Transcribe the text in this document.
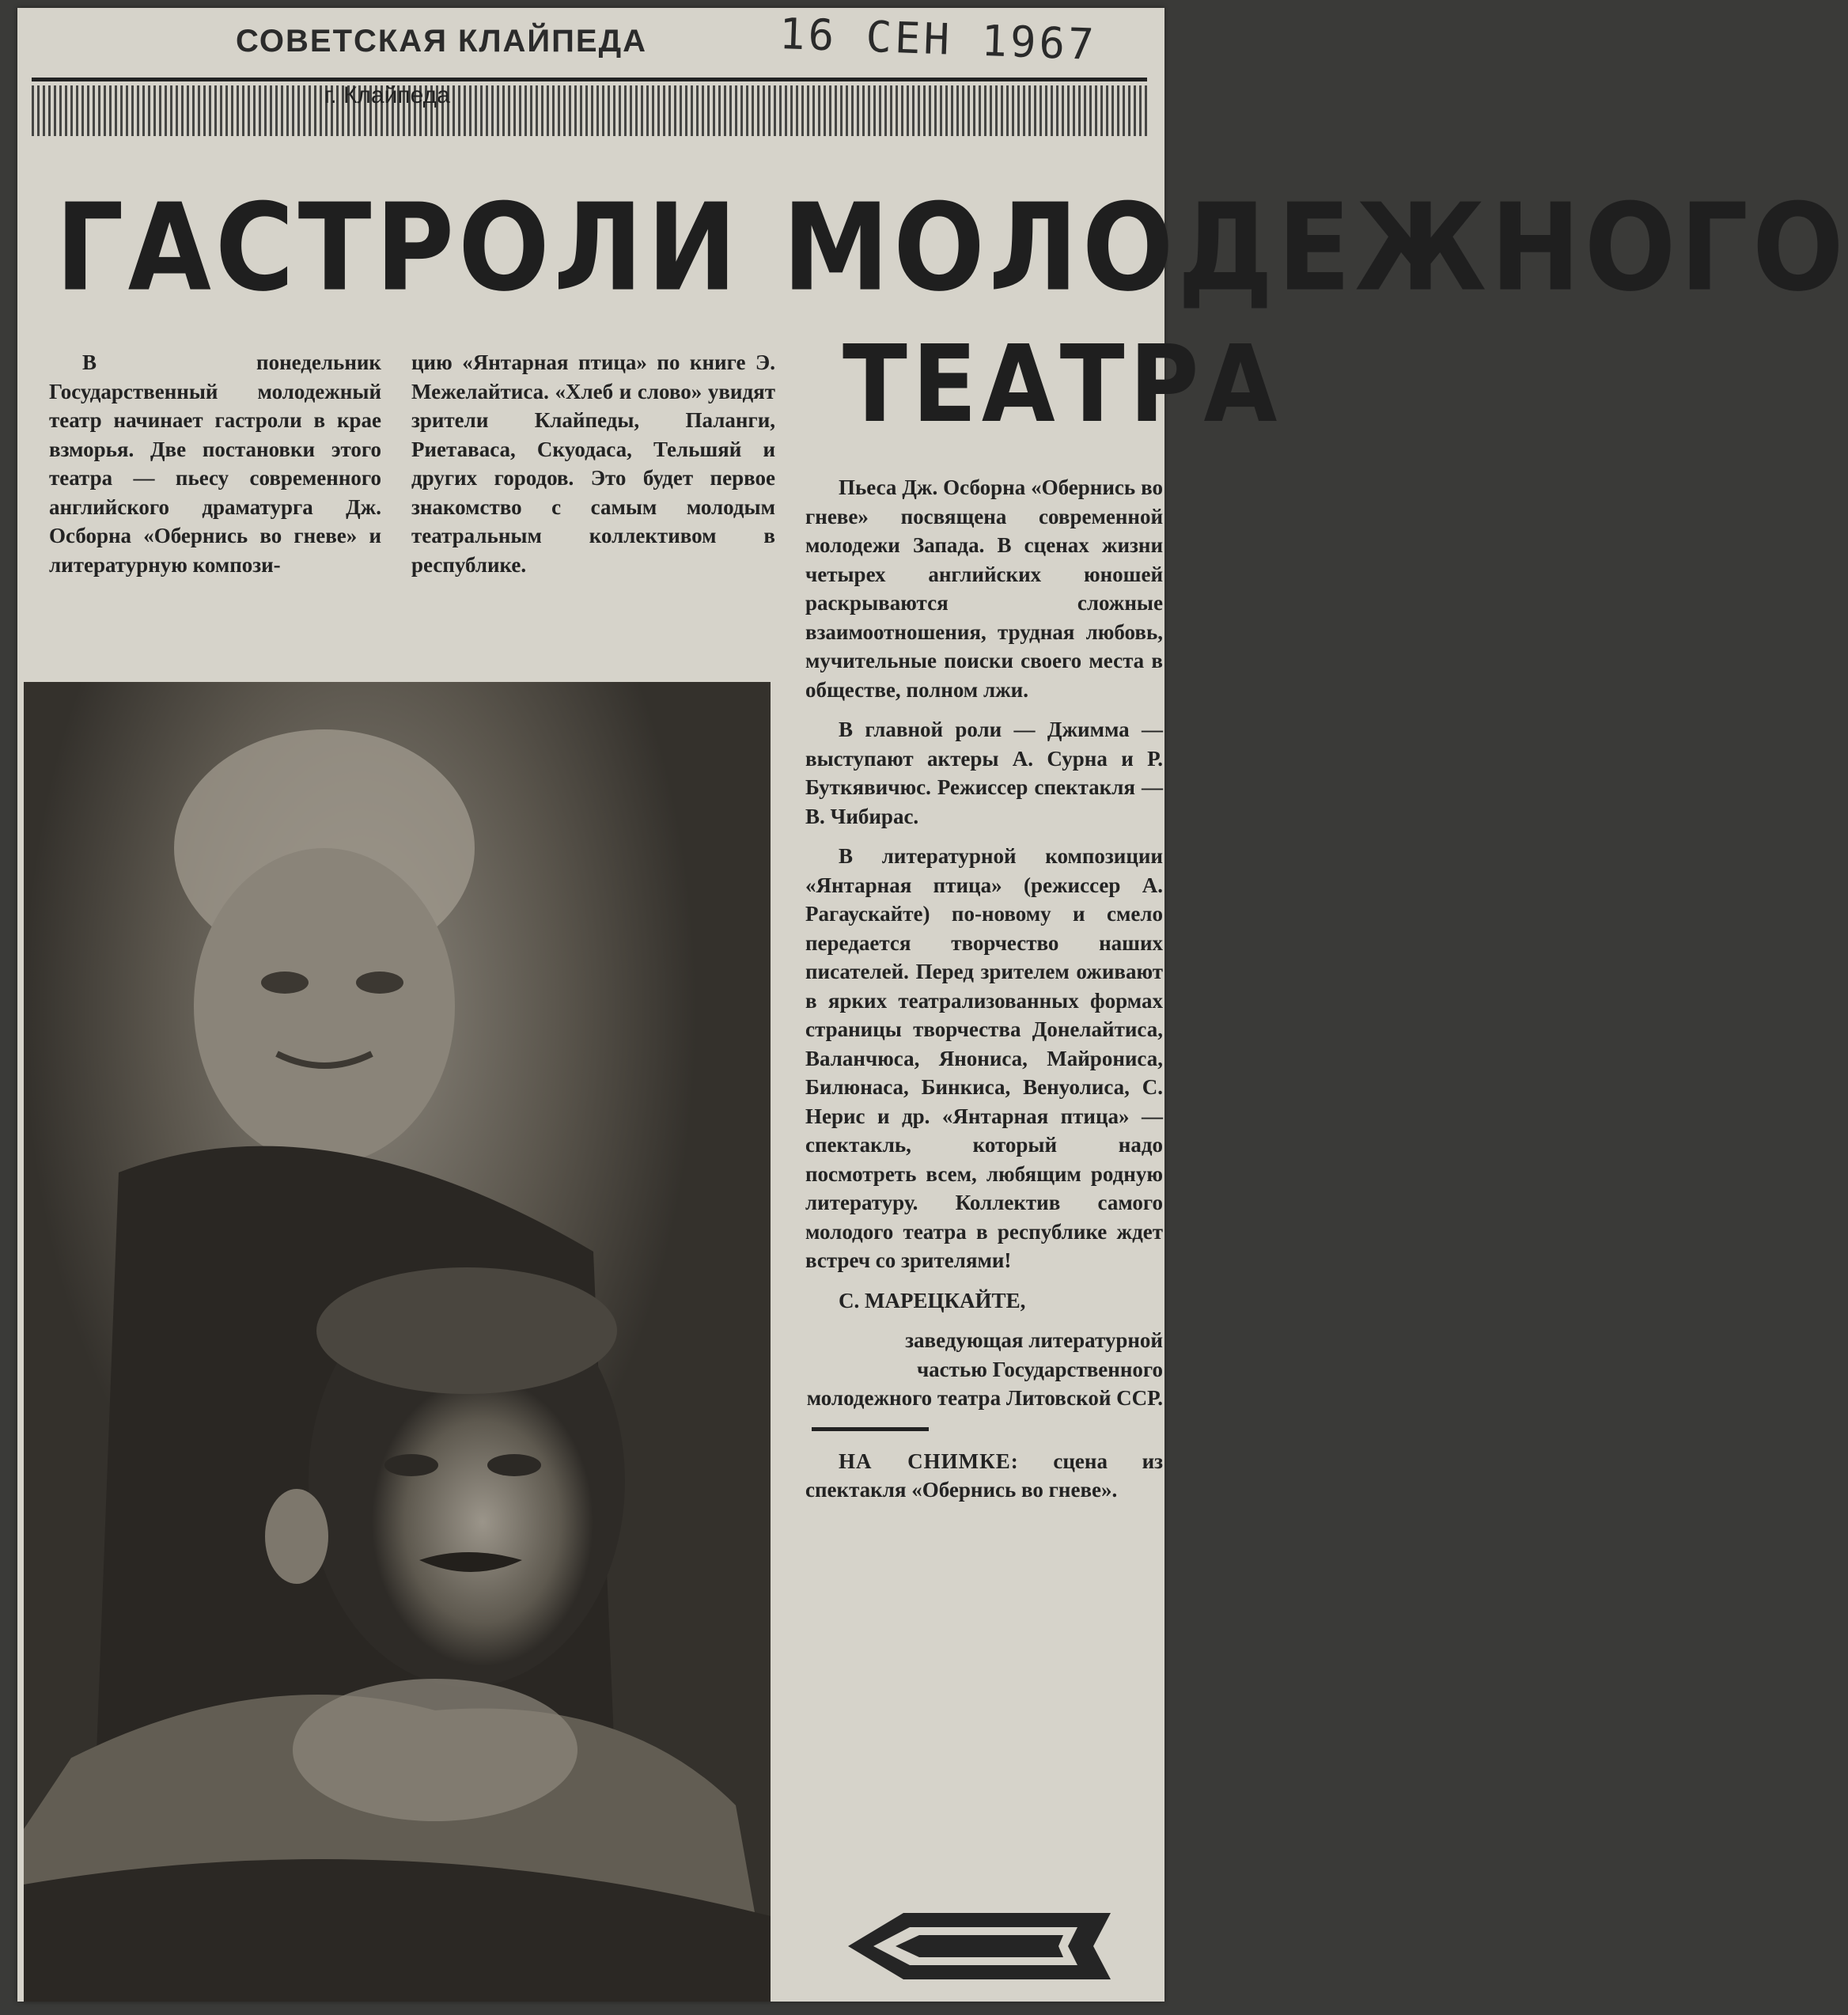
СОВЕТСКАЯ КЛАЙПЕДА	16 СЕН 1967
г. Клайпеда
ГАСТРОЛИ МОЛОДЕЖНОГО
ТЕАТРА

В понедельник Государственный молодежный театр начинает гастроли в крае взморья. Две постановки этого театра — пьесу современного английского драматурга Дж. Осборна «Обернись во гневе» и литературную компози-

цию «Янтарная птица» по книге Э. Межелайтиса. «Хлеб и слово» увидят зрители Клайпеды, Паланги, Риетаваса, Скуодаса, Тельшяй и других городов. Это будет первое знакомство с самым молодым театральным коллективом в республике.

Пьеса Дж. Осборна «Обернись во гневе» посвящена современной молодежи Запада. В сценах жизни четырех английских юношей раскрываются сложные взаимоотношения, трудная любовь, мучительные поиски своего места в обществе, полном лжи.

В главной роли — Джимма — выступают актеры А. Сурна и Р. Буткявичюс. Режиссер спектакля — В. Чибирас.

В литературной композиции «Янтарная птица» (режиссер А. Рагаускайте) по-новому и смело передается творчество наших писателей. Перед зрителем оживают в ярких театрализованных формах страницы творчества Донелайтиса, Валанчюса, Янониса, Майрониса, Билюнаса, Бинкиса, Венуолиса, С. Нерис и др. «Янтарная птица» — спектакль, который надо посмотреть всем, любящим родную литературу. Коллектив самого молодого театра в республике ждет встреч со зрителями!

С. МАРЕЦКАЙТЕ,

заведующая литературной частью Государственного молодежного театра Литовской ССР.

НА СНИМКЕ: сцена из спектакля «Обернись во гневе».
